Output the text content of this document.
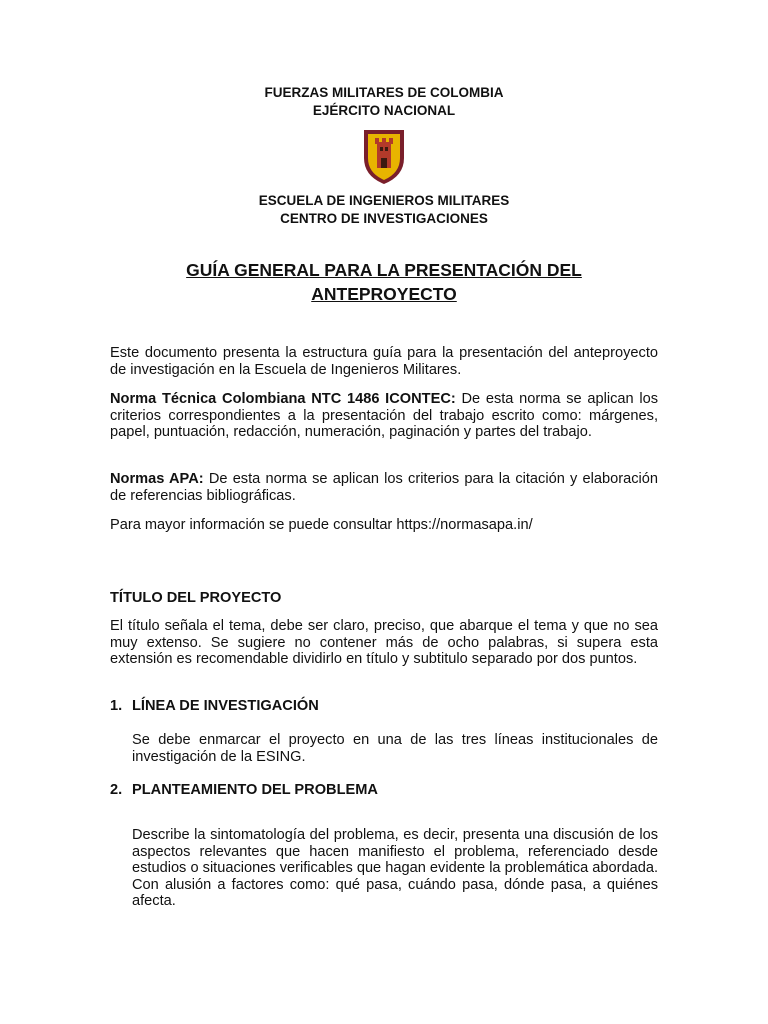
FUERZAS MILITARES DE COLOMBIA
EJÉRCITO NACIONAL
ESCUELA DE INGENIEROS MILITARES
CENTRO DE INVESTIGACIONES
GUÍA GENERAL PARA LA PRESENTACIÓN DEL
ANTEPROYECTO
Este documento presenta la estructura guía para la presentación del anteproyecto de investigación en la Escuela de Ingenieros Militares.
Norma Técnica Colombiana NTC 1486 ICONTEC: De esta norma se aplican los criterios correspondientes a la presentación del trabajo escrito como: márgenes, papel, puntuación, redacción, numeración, paginación y partes del trabajo.
Normas APA: De esta norma se aplican los criterios para la citación y elaboración de referencias bibliográficas.
Para mayor información se puede consultar https://normasapa.in/
TÍTULO DEL PROYECTO
El título señala el tema, debe ser claro, preciso, que abarque el tema y que no sea muy extenso. Se sugiere no contener más de ocho palabras, si supera esta extensión es recomendable dividirlo en título y subtitulo separado por dos puntos.
1. LÍNEA DE INVESTIGACIÓN
Se debe enmarcar el proyecto en una de las tres líneas institucionales de investigación de la ESING.
2. PLANTEAMIENTO DEL PROBLEMA
Describe la sintomatología del problema, es decir, presenta una discusión de los aspectos relevantes que hacen manifiesto el problema, referenciado desde estudios o situaciones verificables que hagan evidente la problemática abordada. Con alusión a factores como: qué pasa, cuándo pasa, dónde pasa, a quiénes afecta.
